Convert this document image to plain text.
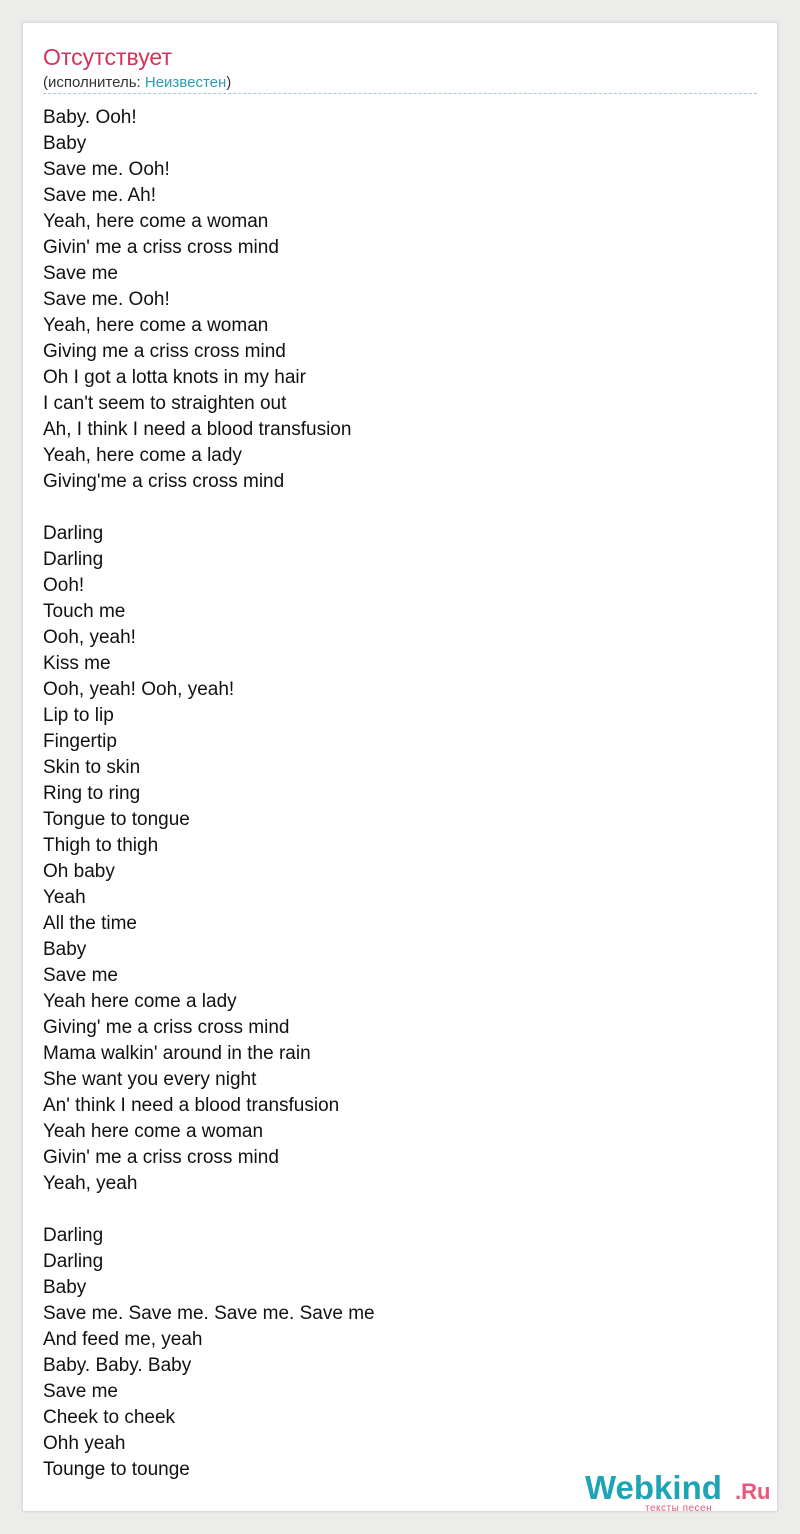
Отсутствует
(исполнитель: Неизвестен)
Baby. Ooh!
Baby
Save me. Ooh!
Save me. Ah!
Yeah, here come a woman
Givin' me a criss cross mind
Save me
Save me. Ooh!
Yeah, here come a woman
Giving me a criss cross mind
Oh I got a lotta knots in my hair
I can't seem to straighten out
Ah, I think I need a blood transfusion
Yeah, here come a lady
Giving'me a criss cross mind
Darling
Darling
Ooh!
Touch me
Ooh, yeah!
Kiss me
Ooh, yeah! Ooh, yeah!
Lip to lip
Fingertip
Skin to skin
Ring to ring
Tongue to tongue
Thigh to thigh
Oh baby
Yeah
All the time
Baby
Save me
Yeah here come a lady
Giving' me a criss cross mind
Mama walkin' around in the rain
She want you every night
An' think I need a blood transfusion
Yeah here come a woman
Givin' me a criss cross mind
Yeah, yeah
Darling
Darling
Baby
Save me. Save me. Save me. Save me
And feed me, yeah
Baby. Baby. Baby
Save me
Cheek to cheek
Ohh yeah
Tounge to tounge	Webkind .Ru
тексты песен
